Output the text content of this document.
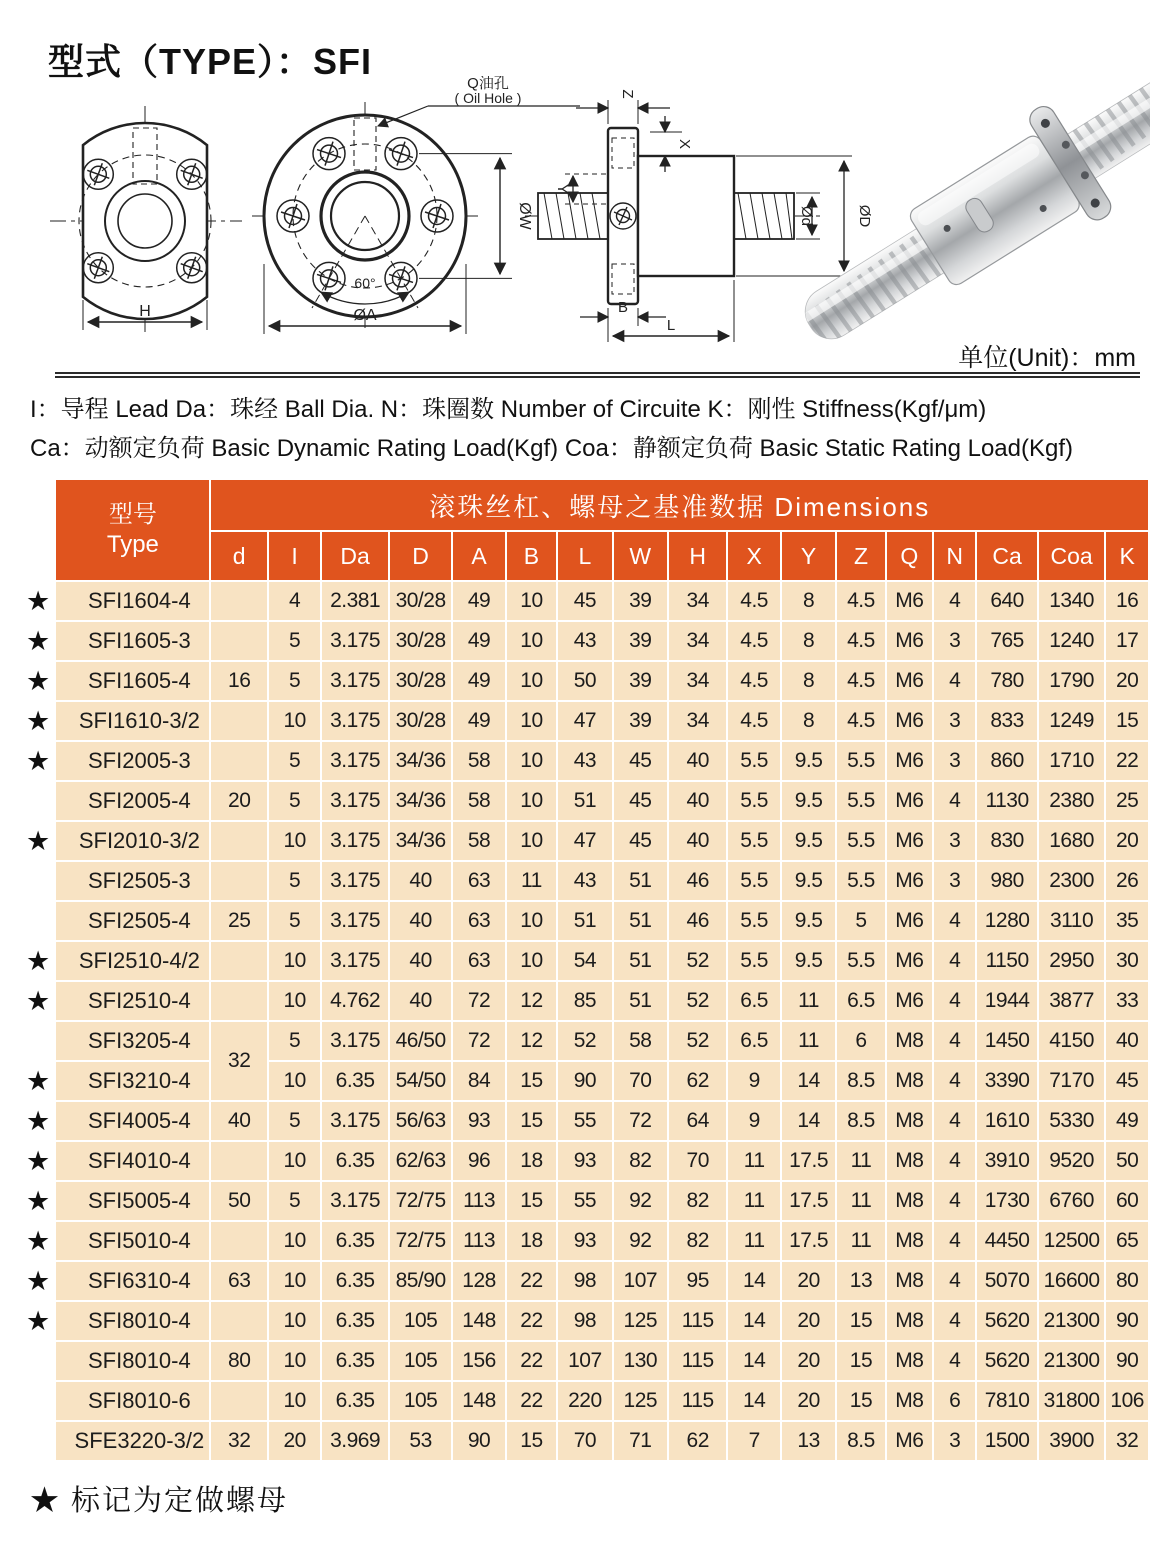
型式（TYPE）：SFI
H
Q油孔
( Oil Hole )
60°
ØW
ØA
Z
Y
X
Ød	ØD
B
L
单位(Unit)：mm
I：导程 Lead Da：珠经 Ball Dia. N：珠圈数 Number of Circuite K：刚性 Stiffness(Kgf/μm)
Ca：动额定负荷 Basic Dynamic Rating Load(Kgf) Coa：静额定负荷 Basic Static Rating Load(Kgf)

	型号
Type	滚珠丝杠、螺母之基准数据 Dimensions																
		d	I	Da	D	A	B	L	W	H	X	Y	Z	Q	N	Ca	Coa	K
★	SFI1604-4		4	2.381	30/28	49	10	45	39	34	4.5	8	4.5	M6	4	640	1340	16
★	SFI1605-3		5	3.175	30/28	49	10	43	39	34	4.5	8	4.5	M6	3	765	1240	17
★	SFI1605-4	16	5	3.175	30/28	49	10	50	39	34	4.5	8	4.5	M6	4	780	1790	20
★	SFI1610-3/2		10	3.175	30/28	49	10	47	39	34	4.5	8	4.5	M6	3	833	1249	15
★	SFI2005-3		5	3.175	34/36	58	10	43	45	40	5.5	9.5	5.5	M6	3	860	1710	22
	SFI2005-4	20	5	3.175	34/36	58	10	51	45	40	5.5	9.5	5.5	M6	4	1130	2380	25
★	SFI2010-3/2		10	3.175	34/36	58	10	47	45	40	5.5	9.5	5.5	M6	3	830	1680	20
	SFI2505-3		5	3.175	40	63	11	43	51	46	5.5	9.5	5.5	M6	3	980	2300	26
	SFI2505-4	25	5	3.175	40	63	10	51	51	46	5.5	9.5	5	M6	4	1280	3110	35
★	SFI2510-4/2		10	3.175	40	63	10	54	51	52	5.5	9.5	5.5	M6	4	1150	2950	30
★	SFI2510-4		10	4.762	40	72	12	85	51	52	6.5	11	6.5	M6	4	1944	3877	33
	SFI3205-4	32	5	3.175	46/50	72	12	52	58	52	6.5	11	6	M8	4	1450	4150	40
★	SFI3210-4		10	6.35	54/50	84	15	90	70	62	9	14	8.5	M8	4	3390	7170	45
★	SFI4005-4	40	5	3.175	56/63	93	15	55	72	64	9	14	8.5	M8	4	1610	5330	49
★	SFI4010-4		10	6.35	62/63	96	18	93	82	70	11	17.5	11	M8	4	3910	9520	50
★	SFI5005-4	50	5	3.175	72/75	113	15	55	92	82	11	17.5	11	M8	4	1730	6760	60
★	SFI5010-4		10	6.35	72/75	113	18	93	92	82	11	17.5	11	M8	4	4450	12500	65
★	SFI6310-4	63	10	6.35	85/90	128	22	98	107	95	14	20	13	M8	4	5070	16600	80
★	SFI8010-4		10	6.35	105	148	22	98	125	115	14	20	15	M8	4	5620	21300	90
	SFI8010-4	80	10	6.35	105	156	22	107	130	115	14	20	15	M8	4	5620	21300	90
	SFI8010-6		10	6.35	105	148	22	220	125	115	14	20	15	M8	6	7810	31800	106
	SFE3220-3/2	32	20	3.969	53	90	15	70	71	62	7	13	8.5	M6	3	1500	3900	32
★ 标记为定做螺母
